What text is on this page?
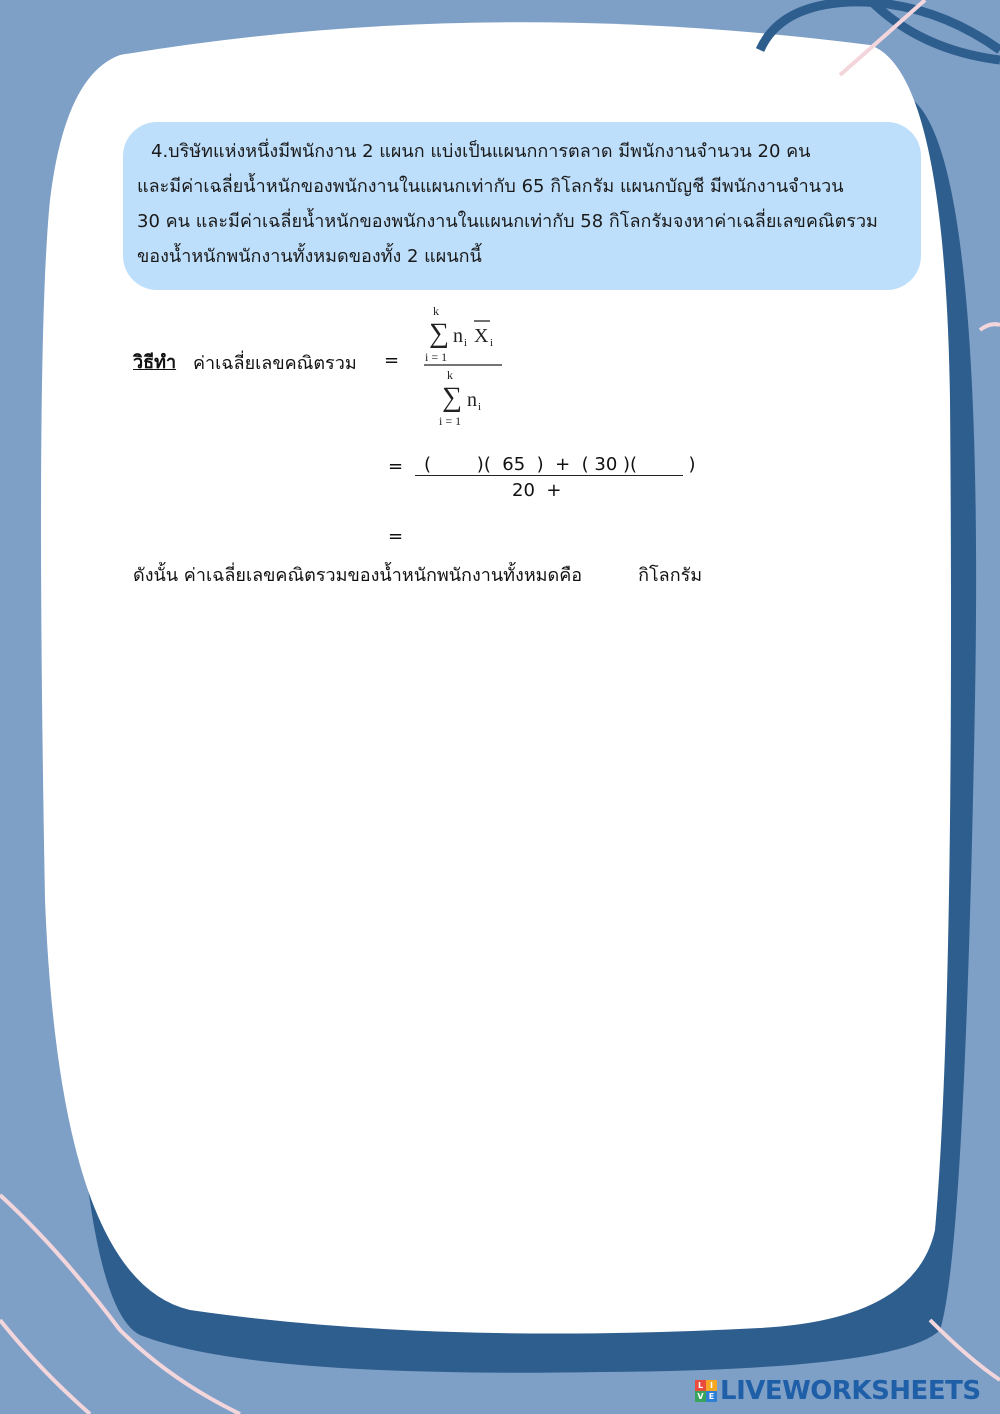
4.บริษัทแห่งหนึ่งมีพนักงาน 2 แผนก แบ่งเป็นแผนกการตลาด มีพนักงานจำนวน 20 คน
และมีค่าเฉลี่ยน้ำหนักของพนักงานในแผนกเท่ากับ 65 กิโลกรัม แผนกบัญชี มีพนักงานจำนวน
30 คน และมีค่าเฉลี่ยน้ำหนักของพนักงานในแผนกเท่ากับ 58 กิโลกรัมจงหาค่าเฉลี่ยเลขคณิตรวม
ของน้ำหนักพนักงานทั้งหมดของทั้ง 2 แผนกนี้
วิธีทำ ค่าเฉลี่ยเลขคณิตรวม =
k
∑
i = 1
n i X i
k
∑
i = 1
n i
= (        )(  65  )  +  ( 30 )(         )
20  +
=
ดังนั้น ค่าเฉลี่ยเลขคณิตรวมของน้ำหนักพนักงานทั้งหมดคือ	กิโลกรัม
L I
V E LIVEWORKSHEETS
